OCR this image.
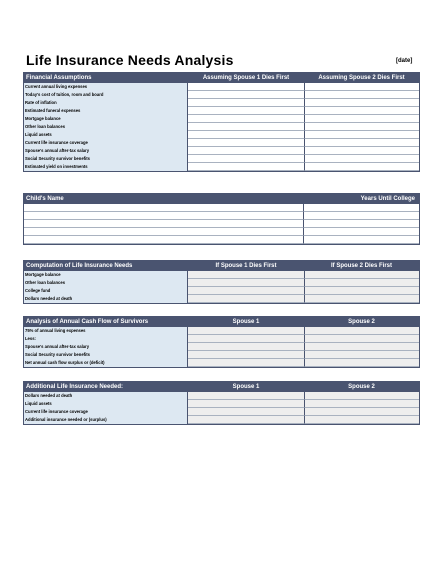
Life Insurance Needs Analysis	[date]
Financial Assumptions	Assuming Spouse 1 Dies First	Assuming Spouse 2 Dies First
Current annual living expenses
Today's cost of tuition, room and board
Rate of inflation
Estimated funeral expenses
Mortgage balance
Other loan balances
Liquid assets
Current life insurance coverage
Spouse's annual after-tax salary
Social Security survivor benefits
Estimated yield on investments
Child's Name	Years Until College
Computation of Life Insurance Needs	If Spouse 1 Dies First	If Spouse 2 Dies First
Mortgage balance
Other loan balances
College fund
Dollars needed at death
Analysis of Annual Cash Flow of Survivors	Spouse 1	Spouse 2
75% of annual living expenses
Less:
Spouse's annual after-tax salary
Social Security survivor benefits
Net annual cash flow surplus or (deficit)
Additional Life Insurance Needed:	Spouse 1	Spouse 2
Dollars needed at death
Liquid assets
Current life insurance coverage
Additional insurance needed or (surplus)
